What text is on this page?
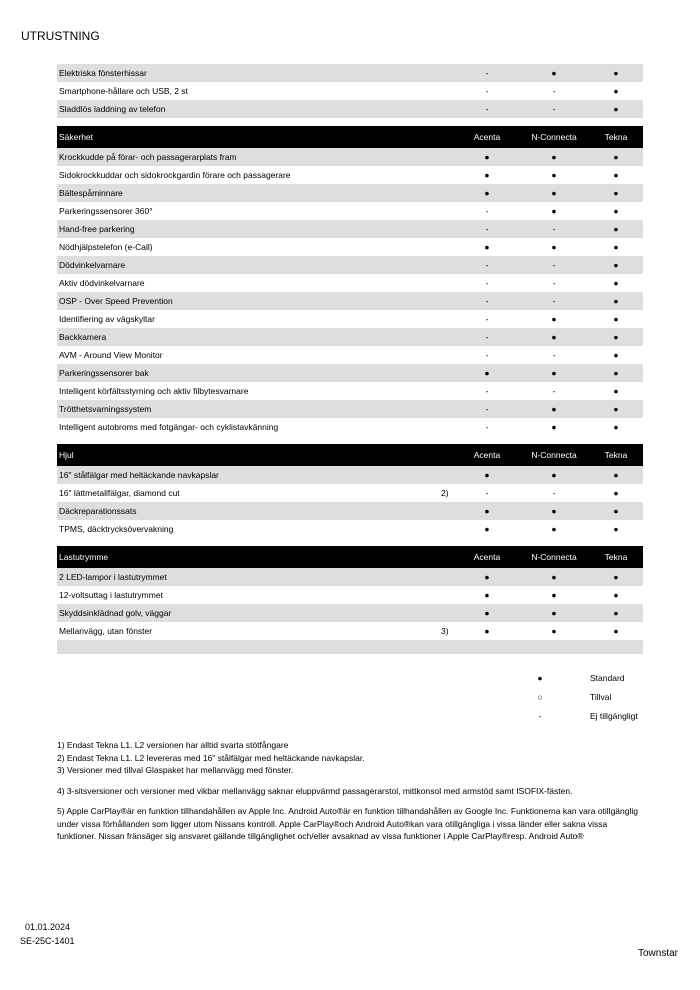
UTRUSTNING
Elektriska fönsterhissar	-	●	●
Smartphone-hållare och USB, 2 st	-	-	●
Sladdlös laddning av telefon	-	-	●
Säkerhet	Acenta	N-Connecta	Tekna
Krockkudde på förar- och passagerarplats fram	●	●	●
Sidokrockkuddar och sidokrockgardin förare och passagerare	●	●	●
Bältespåminnare	●	●	●
Parkeringssensorer 360°	-	●	●
Hand-free parkering	-	-	●
Nödhjälpstelefon (e-Call)	●	●	●
Dödvinkelvarnare	-	-	●
Aktiv dödvinkelvarnare	-	-	●
OSP - Over Speed Prevention	-	-	●
Identifiering av vägskyltar	-	●	●
Backkamera	-	●	●
AVM - Around View Monitor	-	-	●
Parkeringssensorer bak	●	●	●
Intelligent körfältsstyrning och aktiv filbytesvarnare	-	-	●
Trötthetsvarningssystem	-	●	●
Intelligent autobroms med fotgängar- och cyklistavkänning	-	●	●
Hjul	Acenta	N-Connecta	Tekna
16" stålfälgar med heltäckande navkapslar	●	●	●
16" lättmetallfälgar, diamond cut	2)	-	-	●
Däckreparationssats	●	●	●
TPMS, däcktrycksövervakning	●	●	●
Lastutrymme	Acenta	N-Connecta	Tekna
2 LED-lampor i lastutrymmet	●	●	●
12-voltsuttag i lastutrymmet	●	●	●
Skyddsinklädnad golv, väggar	●	●	●
Mellanvägg, utan fönster	3)	●	●	●
●	Standard
○	Tillval
-	Ej tillgängligt

1) Endast Tekna L1. L2 versionen har alltid svarta stötfångare

2) Endast Tekna L1. L2 levereras med 16" stålfälgar med heltäckande navkapslar.

3) Versioner med tillval Glaspaket har mellanvägg med fönster.

4) 3-sitsversioner och versioner med vikbar mellanvägg saknar eluppvärmd passagerarstol, mittkonsol med armstöd samt ISOFIX-fästen.

5) Apple CarPlay®är en funktion tillhandahållen av Apple Inc. Android Auto®är en funktion tillhandahållen av Google Inc. Funktionerna kan vara otillgänglig under vissa förhållanden som ligger utom Nissans kontroll. Apple CarPlay®och Android Auto®kan vara otillgängliga i vissa länder eller sakna vissa funktioner. Nissan fränsäger sig ansvaret gällande tillgänglighet och/eller avsaknad av vissa funktioner i Apple CarPlay®resp. Android Auto®

01.01.2024
SE-25C-1401
Townstar
